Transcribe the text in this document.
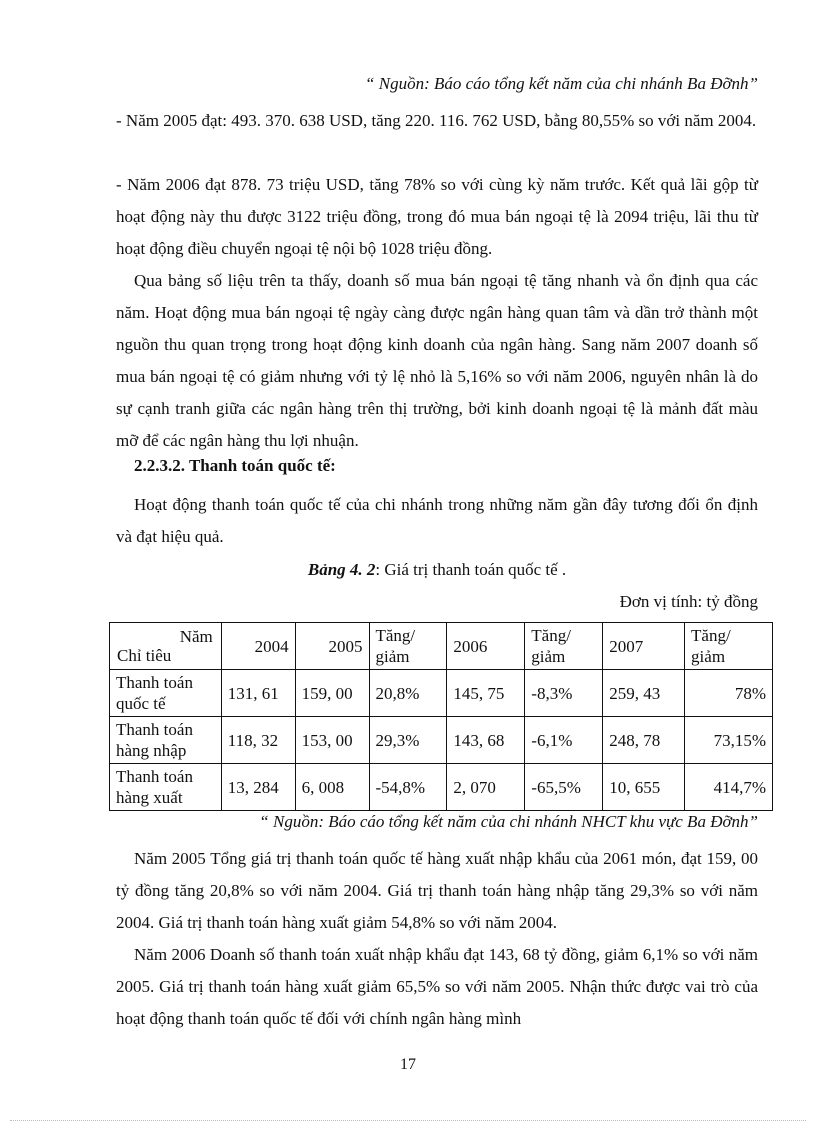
“ Nguồn: Báo cáo tổng kết năm của chi nhánh Ba Đỡnh”

- Năm 2005 đạt: 493. 370. 638 USD, tăng 220. 116. 762 USD, bằng 80,55% so với năm 2004.

- Năm 2006 đạt 878. 73 triệu USD, tăng 78% so với cùng kỳ năm trước. Kết quả lãi gộp từ hoạt động này thu được 3122 triệu đồng, trong đó mua bán ngoại tệ là 2094 triệu, lãi thu từ hoạt động điều chuyển ngoại tệ nội bộ 1028 triệu đồng.

Qua bảng số liệu trên ta thấy, doanh số mua bán ngoại tệ tăng nhanh và ổn định qua các năm. Hoạt động mua bán ngoại tệ ngày càng được ngân hàng quan tâm và dần trở thành một nguồn thu quan trọng trong hoạt động kinh doanh của ngân hàng. Sang năm 2007 doanh số mua bán ngoại tệ có giảm nhưng với tỷ lệ nhỏ là 5,16% so với năm 2006, nguyên nhân là do sự cạnh tranh giữa các ngân hàng trên thị trường, bởi kinh doanh ngoại tệ là mảnh đất màu mỡ để các ngân hàng thu lợi nhuận.

2.2.3.2. Thanh toán quốc tế:

Hoạt động thanh toán quốc tế của chi nhánh trong những năm gần đây tương đối ổn định và đạt hiệu quả.

Bảng 4. 2: Giá trị thanh toán quốc tế .
Đơn vị tính: tỷ đồng
Năm
Chỉ tiêu	2004	2005	Tăng/ giảm	2006	Tăng/ giảm	2007	Tăng/ giảm
Thanh toán quốc tế	131, 61	159, 00	20,8%	145, 75	-8,3%	259, 43	78%
Thanh toán hàng nhập	118, 32	153, 00	29,3%	143, 68	-6,1%	248, 78	73,15%
Thanh toán hàng xuất	13, 284	6, 008	-54,8%	2, 070	-65,5%	10, 655	414,7%
“ Nguồn: Báo cáo tổng kết năm của chi nhánh NHCT khu vực Ba Đỡnh”

Năm 2005 Tổng giá trị thanh toán quốc tế hàng xuất nhập khẩu của 2061 món, đạt 159, 00 tỷ đồng tăng 20,8% so với năm 2004. Giá trị thanh toán hàng nhập tăng 29,3% so với năm 2004. Giá trị thanh toán hàng xuất giảm 54,8% so với năm 2004.

Năm 2006 Doanh số thanh toán xuất nhập khẩu đạt 143, 68 tỷ đồng, giảm 6,1% so với năm 2005. Giá trị thanh toán hàng xuất giảm 65,5% so với năm 2005. Nhận thức được vai trò của hoạt động thanh toán quốc tế đối với chính ngân hàng mình

17
